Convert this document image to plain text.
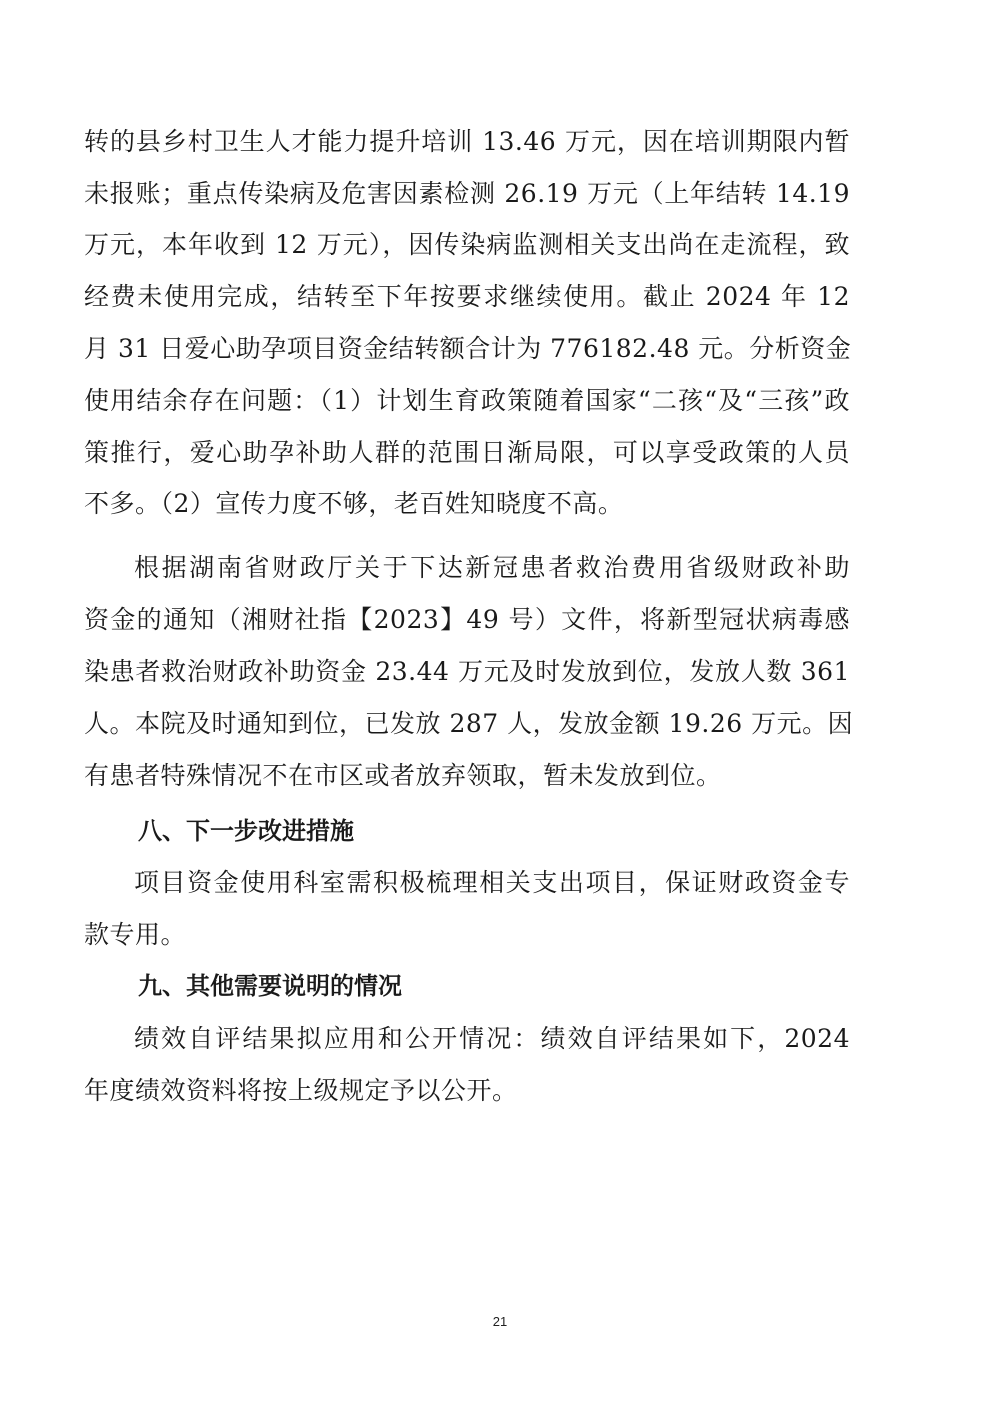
转的县乡村卫生人才能力提升培训 13.46 万元，因在培训期限内暂
未报账；重点传染病及危害因素检测 26.19 万元（上年结转 14.19
万元，本年收到 12 万元），因传染病监测相关支出尚在走流程，致
经费未使用完成，结转至下年按要求继续使用。截止 2024 年 12
月 31 日爱心助孕项目资金结转额合计为 776182.48 元。分析资金
使用结余存在问题：（1）计划生育政策随着国家“二孩“及“三孩”政
策推行，爱心助孕补助人群的范围日渐局限，可以享受政策的人员
不多。（2）宣传力度不够，老百姓知晓度不高。
根据湖南省财政厅关于下达新冠患者救治费用省级财政补助
资金的通知（湘财社指【2023】49 号）文件，将新型冠状病毒感
染患者救治财政补助资金 23.44 万元及时发放到位，发放人数 361
人。本院及时通知到位，已发放 287 人，发放金额 19.26 万元。因
有患者特殊情况不在市区或者放弃领取，暂未发放到位。
八、下一步改进措施
项目资金使用科室需积极梳理相关支出项目，保证财政资金专
款专用。
九、其他需要说明的情况
绩效自评结果拟应用和公开情况：绩效自评结果如下，2024
年度绩效资料将按上级规定予以公开。
21
